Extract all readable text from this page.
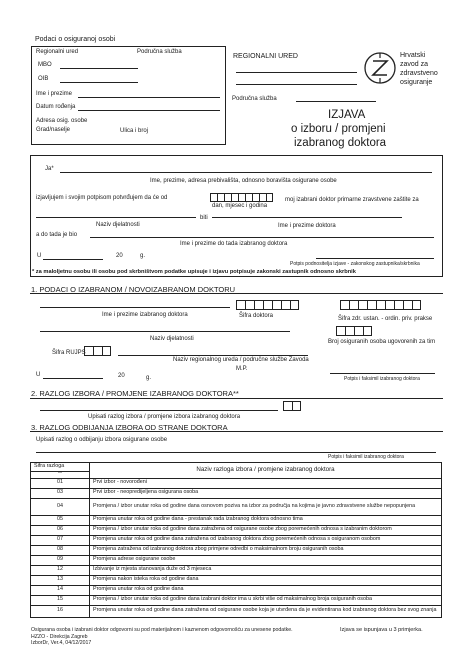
Podaci o osiguranoj osobi
Regionalni ured	Područna služba
MBO
OIB
Ime i prezime
Datum rođenja
Adresa osig. osobe
Grad/naselje	Ulica i broj
REGIONALNI URED
Područna služba
Hrvatski
zavod za
zdravstveno
osiguranje
IZJAVA
o izboru / promjeni
izabranog doktora
Ja*
Ime, prezime, adresa prebivališta, odnosno boravišta osigurane osobe
izjavljujem i svojim potpisom potvrđujem da će od
dan, mjesec i godina
moj izabrani doktor primarne zravstvene zaštite za
biti
Naziv djelatnosti	Ime i prezime doktora
a do tada je bio
Ime i prezime do tada izabranog doktora
U	20	g.
Potpis podnositelja izjave - zakonskog zastupnika/skrbnika
* za maloljetnu osobu ili osobu pod skrbništvom podatke upisuje i izjavu potpisuje zakonski zastupnik odnosno skrbnik
1. PODACI O IZABRANOM / NOVOIZABRANOM DOKTORU
Ime i prezime izabranog doktora	Šifra doktora	Šifra zdr. ustan. - ordin. priv. prakse
Naziv djelatnosti	Broj osiguranih osoba ugovorenih za tim
Šifra RUJPS
Naziv regionalnog ureda / područne službe Zavoda
M.P.
U	20	g.	Potpis i faksimil izabranog doktora
2. RAZLOG IZBORA / PROMJENE IZABRANOG DOKTORA**
Upisati razlog izbora / promjene izbora izabranog doktora
3. RAZLOG ODBIJANJA IZBORA OD STRANE DOKTORA
Upisati razlog o odbijanju izbora osigurane osobe
Potpis i faksimil izabranog doktora
Šifra razloga	Naziv razloga izbora / promjene izabranog doktora
**	
01	Prvi izbor - novorođeni
03	Prvi izbor - neopredijeljena osigurana osoba
04	Promjena / izbor unutar roka od godine dana osnovom poziva na izbor za područja na kojima je javno zdravstvene službe nepopunjena
05	Promjena unutar roka od godine dana - prestanak rada izabranog doktora odnosno tima
06	Promjena / izbor unutar roka od godine dana zatražena od osigurane osobe zbog poremećenih odnosa s izabranim doktorom
07	Promjena unutar roka od godine dana zatražena od izabranog doktora zbog poremećenih odnosa s osiguranom osobom
08	Promjena zatražena od izabranog doktora zbog primjene odredbi o maksimalnom broju osiguranih osoba
09	Promjena adrese osigurane osobe
12	Izbivanje iz mjesta stanovanja duže od 3 mjeseca
13	Promjena nakon isteka roka od godine dana
14	Promjena unutar roka od godine dana
15	Promjena / izbor unutar roka od godine dana izabrani doktor ima u skrbi više od maksimalnog broja osiguranih osoba
16	Promjena unutar roka od godine dana zatražena od osigurane osobe koja je utvrđena da je evidentirana kod izabranog doktora bez svog znanja
Osigurana osoba i izabrani doktor odgovorni su pod materijalnom i kaznenom odgovornošću za unesene podatke.	Izjava se ispunjava u 3 primjerka.
HZZO - Direkcija Zagreb
IzborDr, Ver.4, 04/12/2017
